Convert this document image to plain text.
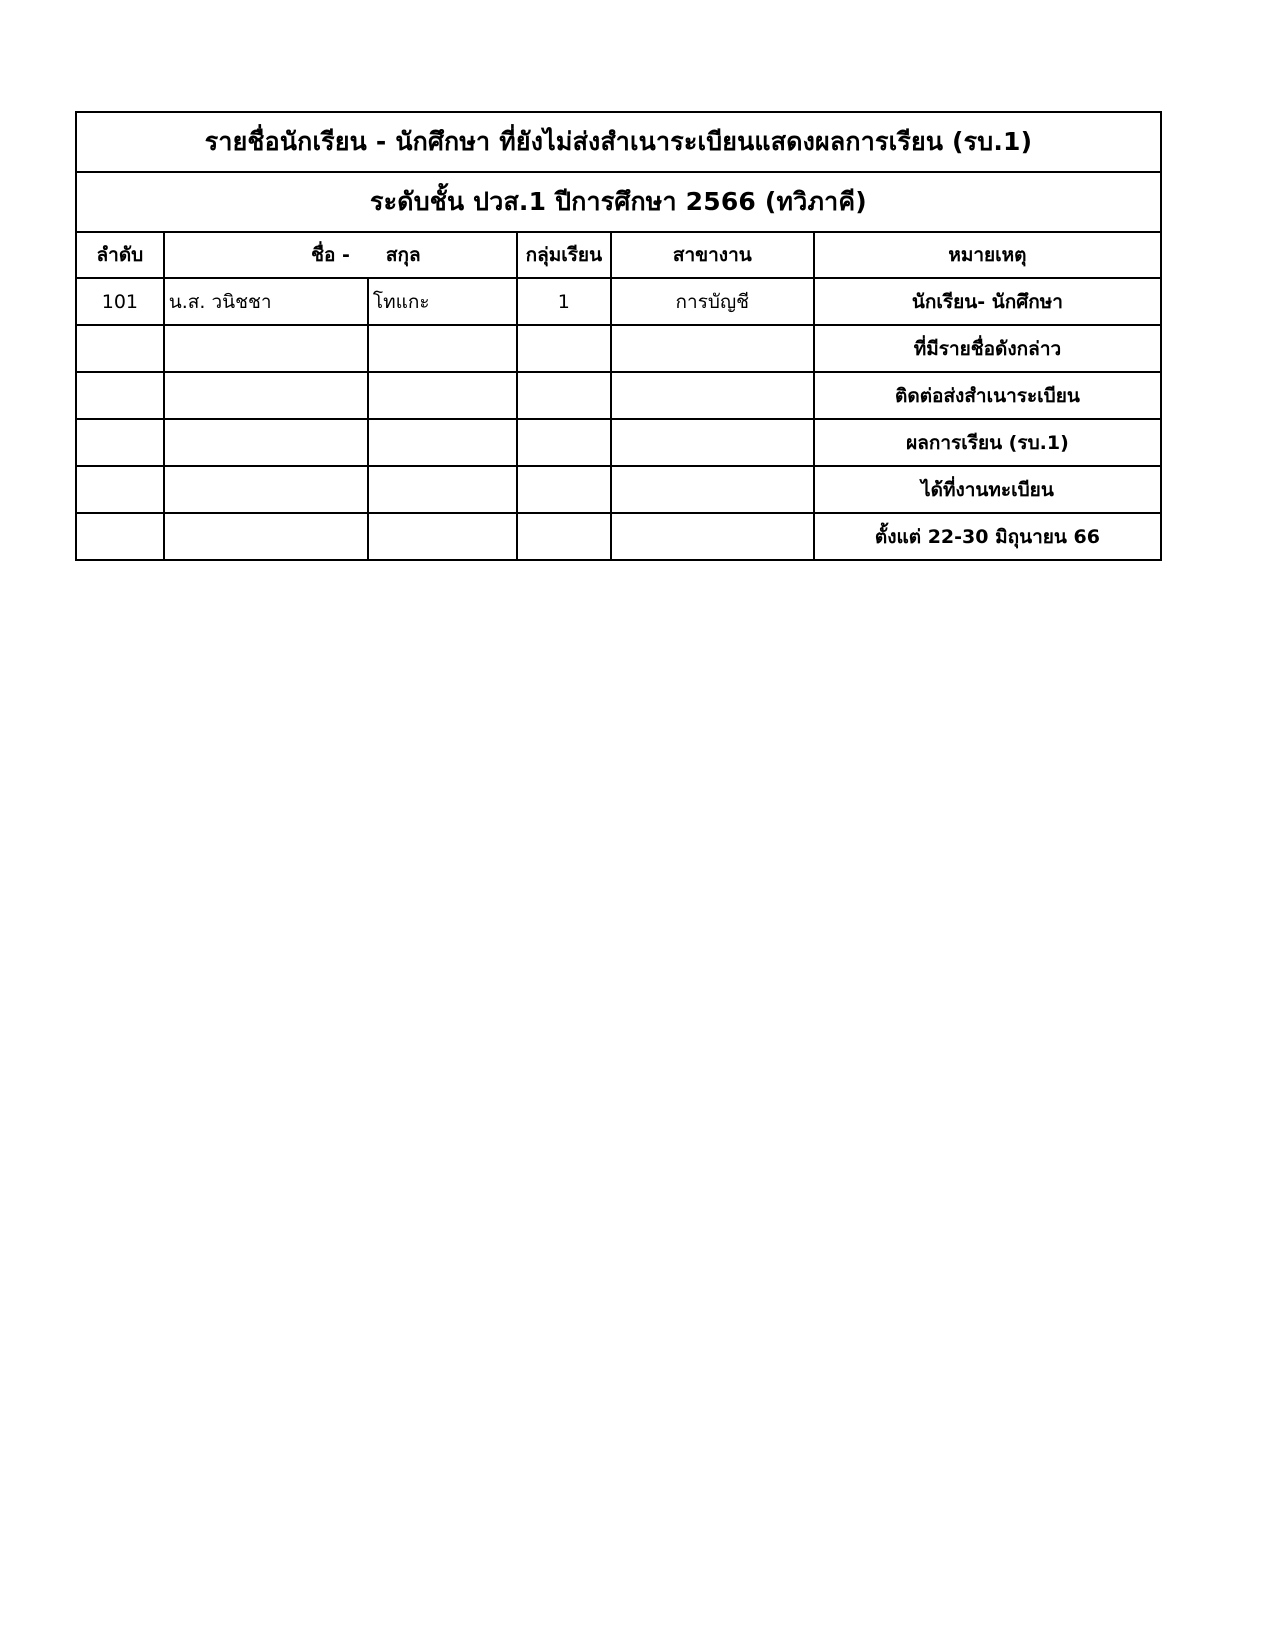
รายชื่อนักเรียน - นักศึกษา ที่ยังไม่ส่งสำเนาระเบียนแสดงผลการเรียน (รบ.1)					
ระดับชั้น ปวส.1 ปีการศึกษา 2566 (ทวิภาคี)					
ลำดับ	ชื่อ -	สกุล	กลุ่มเรียน	สาขางาน	หมายเหตุ
101	น.ส. วนิชชา	โทแกะ	1	การบัญชี	นักเรียน- นักศึกษา
					ที่มีรายชื่อดังกล่าว
					ติดต่อส่งสำเนาระเบียน
					ผลการเรียน (รบ.1)
					ได้ที่งานทะเบียน
					ตั้งแต่ 22-30 มิถุนายน 66
